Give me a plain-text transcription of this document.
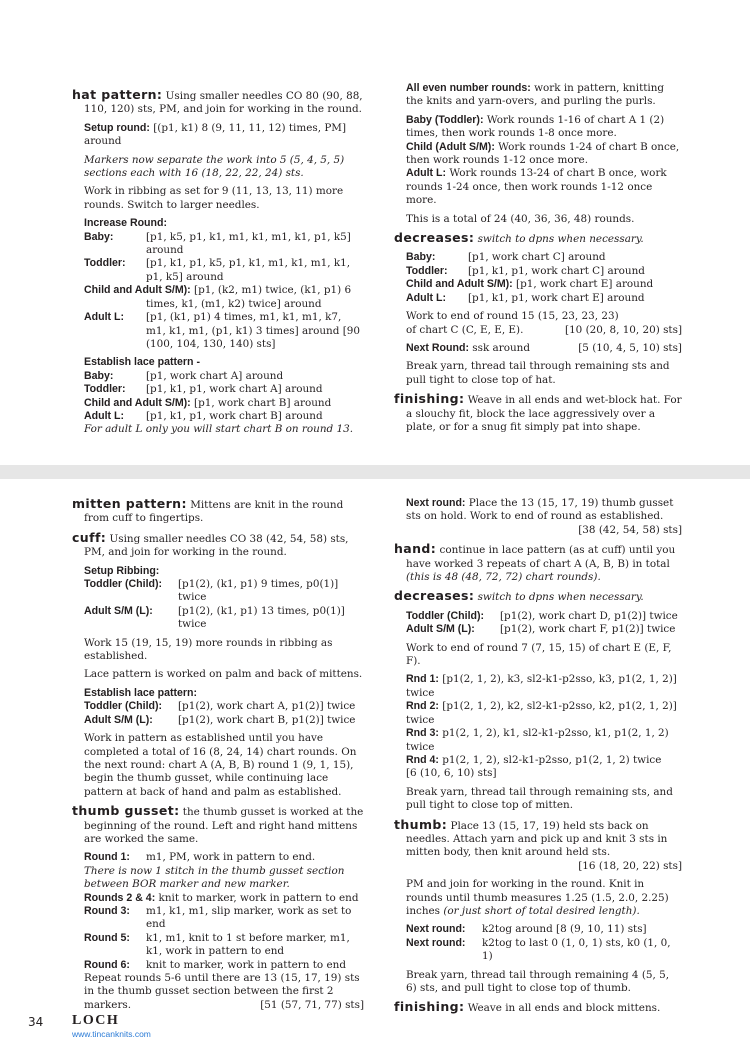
hat pattern: Using smaller needles CO 80 (90, 88, 110, 120) sts, PM, and join for working in the round.

Setup round: [(p1, k1) 8 (9, 11, 11, 12) times, PM] around

Markers now separate the work into 5 (5, 4, 5, 5) sections each with 16 (18, 22, 22, 24) sts.

Work in ribbing as set for 9 (11, 13, 13, 11) more rounds. Switch to larger needles.

Increase Round:
Baby:	[p1, k5, p1, k1, m1, k1, m1, k1, p1, k5] around
Toddler:	[p1, k1, p1, k5, p1, k1, m1, k1, m1, k1, p1, k5] around
Child and Adult S/M): [p1, (k2, m1) twice, (k1, p1) 6 times, k1, (m1, k2) twice] around
Adult L:	[p1, (k1, p1) 4 times, m1, k1, m1, k7, m1, k1, m1, (p1, k1) 3 times] around [90 (100, 104, 130, 140) sts]
Establish lace pattern -
Baby:	[p1, work chart A] around
Toddler:	[p1, k1, p1, work chart A] around
Child and Adult S/M): [p1, work chart B] around
Adult L:	[p1, k1, p1, work chart B] around
For adult L only you will start chart B on round 13.

All even number rounds: work in pattern, knitting the knits and yarn-overs, and purling the purls.

Baby (Toddler): Work rounds 1-16 of chart A 1 (2) times, then work rounds 1-8 once more.
Child (Adult S/M): Work rounds 1-24 of chart B once, then work rounds 1-12 once more.

Adult L: Work rounds 13-24 of chart B once, work rounds 1-24 once, then work rounds 1-12 once more.

This is a total of 24 (40, 36, 36, 48) rounds.

decreases: switch to dpns when necessary.

Baby:	[p1, work chart C] around
Toddler:	[p1, k1, p1, work chart C] around
Child and Adult S/M): [p1, work chart E] around
Adult L:	[p1, k1, p1, work chart E] around
Work to end of round 15 (15, 23, 23, 23)
of chart C (C, E, E, E).	[10 (20, 8, 10, 20) sts]
Next Round: ssk around	[5 (10, 4, 5, 10) sts]

Break yarn, thread tail through remaining sts and pull tight to close top of hat.

finishing: Weave in all ends and wet-block hat. For a slouchy fit, block the lace aggressively over a plate, or for a snug fit simply pat into shape.

mitten pattern: Mittens are knit in the round from cuff to fingertips.

cuff: Using smaller needles CO 38 (42, 54, 58) sts, PM, and join for working in the round.

Setup Ribbing:
Toddler (Child):	[p1(2), (k1, p1) 9 times, p0(1)] twice
Adult S/M (L):	[p1(2), (k1, p1) 13 times, p0(1)] twice

Work 15 (19, 15, 19) more rounds in ribbing as established.

Lace pattern is worked on palm and back of mittens.

Establish lace pattern:
Toddler (Child):	[p1(2), work chart A, p1(2)] twice
Adult S/M (L):	[p1(2), work chart B, p1(2)] twice

Work in pattern as established until you have completed a total of 16 (8, 24, 14) chart rounds. On the next round: chart A (A, B, B) round 1 (9, 1, 15), begin the thumb gusset, while continuing lace pattern at back of hand and palm as established.

thumb gusset: the thumb gusset is worked at the beginning of the round. Left and right hand mittens are worked the same.

Round 1:	m1, PM, work in pattern to end.
There is now 1 stitch in the thumb gusset section between BOR marker and new marker.
Rounds 2 & 4: knit to marker, work in pattern to end
Round 3:	m1, k1, m1, slip marker, work as set to end
Round 5:	k1, m1, knit to 1 st before marker, m1, k1, work in pattern to end
Round 6:	knit to marker, work in pattern to end
Repeat rounds 5-6 until there are 13 (15, 17, 19) sts in the thumb gusset section between the first 2 markers.	[51 (57, 71, 77) sts]
Next round: Place the 13 (15, 17, 19) thumb gusset sts on hold. Work to end of round as established.

[38 (42, 54, 58) sts]

hand: continue in lace pattern (as at cuff) until you have worked 3 repeats of chart A (A, B, B) in total (this is 48 (48, 72, 72) chart rounds).

decreases: switch to dpns when necessary.

Toddler (Child):	[p1(2), work chart D, p1(2)] twice
Adult S/M (L):	[p1(2), work chart F, p1(2)] twice

Work to end of round 7 (7, 15, 15) of chart E (E, F, F).

Rnd 1: [p1(2, 1, 2), k3, sl2-k1-p2sso, k3, p1(2, 1, 2)] twice
Rnd 2: [p1(2, 1, 2), k2, sl2-k1-p2sso, k2, p1(2, 1, 2)] twice
Rnd 3: p1(2, 1, 2), k1, sl2-k1-p2sso, k1, p1(2, 1, 2) twice
Rnd 4: p1(2, 1, 2), sl2-k1-p2sso, p1(2, 1, 2) twice

[6 (10, 6, 10) sts]

Break yarn, thread tail through remaining sts, and pull tight to close top of mitten.

thumb: Place 13 (15, 17, 19) held sts back on needles. Attach yarn and pick up and knit 3 sts in mitten body, then knit around held sts.

[16 (18, 20, 22) sts]

PM and join for working in the round. Knit in rounds until thumb measures 1.25 (1.5, 2.0, 2.25) inches (or just short of total desired length).

Next round:	k2tog around [8 (9, 10, 11) sts]
Next round:	k2tog to last 0 (1, 0, 1) sts, k0 (1, 0, 1)

Break yarn, thread tail through remaining 4 (5, 5, 6) sts, and pull tight to close top of thumb.

finishing: Weave in all ends and block mittens.

34 LOCH
www.tincanknits.com
